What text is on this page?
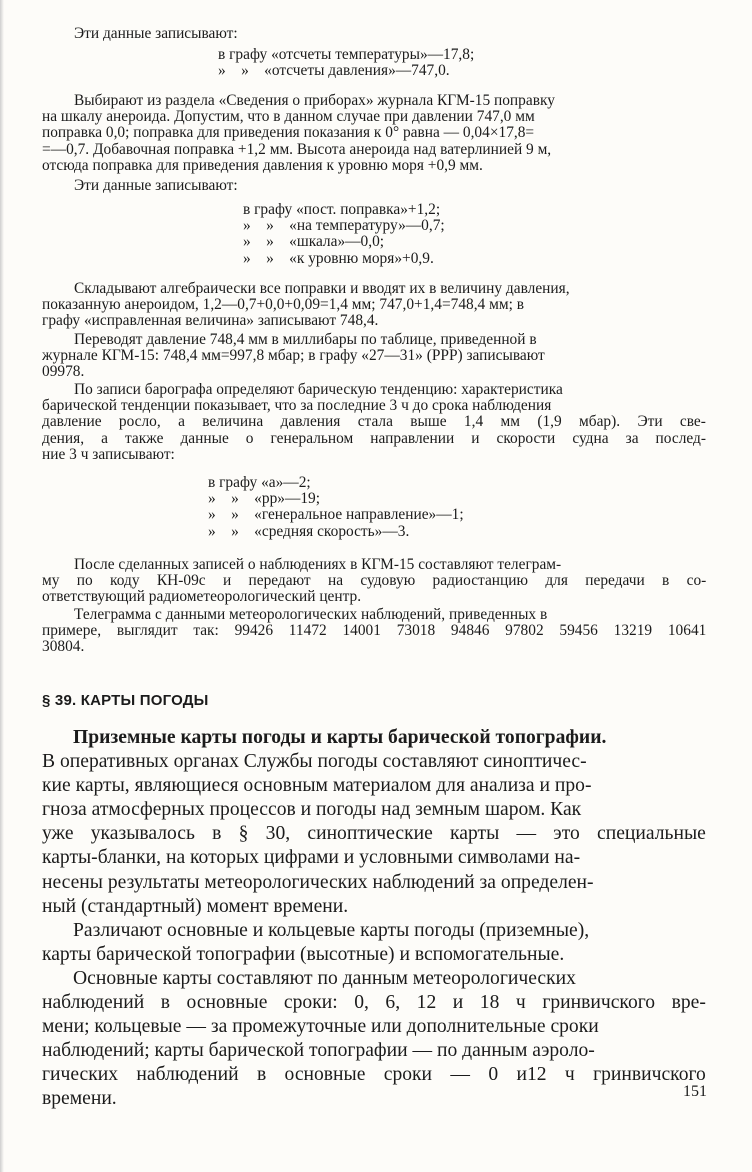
Эти данные записывают:

в графу «отсчеты температуры»—17,8;
»    »    «отсчеты давления»—747,0.

Выбирают из раздела «Сведения о приборах» журнала КГМ-15 поправку
на шкалу анероида. Допустим, что в данном случае при давлении 747,0 мм
поправка 0,0; поправка для приведения показания к 0° равна — 0,04×17,8=
=—0,7. Добавочная поправка +1,2 мм. Высота анероида над ватерлинией 9 м,
отсюда поправка для приведения давления к уровню моря +0,9 мм.

Эти данные записывают:

в графу «пост. поправка»+1,2;
»    »    «на температуру»—0,7;
»    »    «шкала»—0,0;
»    »    «к уровню моря»+0,9.

Складывают алгебраически все поправки и вводят их в величину давления,
показанную анероидом, 1,2—0,7+0,0+0,09=1,4 мм; 747,0+1,4=748,4 мм; в
графу «исправленная величина» записывают 748,4.

Переводят давление 748,4 мм в миллибары по таблице, приведенной в
журнале КГМ-15: 748,4 мм=997,8 мбар; в графу «27—31» (РРР) записывают
09978.

По записи барографа определяют барическую тенденцию: характеристика
барической тенденции показывает, что за последние 3 ч до срока наблюдения
давление росло, а величина давления стала выше 1,4 мм (1,9 мбар). Эти све-
дения, а также данные о генеральном направлении и скорости судна за послед-
ние 3 ч записывают:

в графу «а»—2;
»    »    «рр»—19;
»    »    «генеральное направление»—1;
»    »    «средняя скорость»—3.

После сделанных записей о наблюдениях в КГМ-15 составляют телеграм-
му по коду КН-09с и передают на судовую радиостанцию для передачи в со-
ответствующий радиометеорологический центр.

Телеграмма с данными метеорологических наблюдений, приведенных в
примере, выглядит так: 99426 11472 14001 73018 94846 97802 59456 13219 10641
30804.

§ 39. КАРТЫ ПОГОДЫ

Приземные карты погоды и карты барической топографии.
В оперативных органах Службы погоды составляют синоптичес-
кие карты, являющиеся основным материалом для анализа и про-
гноза атмосферных процессов и погоды над земным шаром. Как
уже указывалось в § 30, синоптические карты — это специальные
карты-бланки, на которых цифрами и условными символами на-
несены результаты метеорологических наблюдений за определен-
ный (стандартный) момент времени.

Различают основные и кольцевые карты погоды (приземные),
карты барической топографии (высотные) и вспомогательные.

Основные карты составляют по данным метеорологических
наблюдений в основные сроки: 0, 6, 12 и 18 ч гринвичского вре-
мени; кольцевые — за промежуточные или дополнительные сроки
наблюдений; карты барической топографии — по данным аэроло-
гических наблюдений в основные сроки — 0 и12 ч гринвичского
времени.	151
